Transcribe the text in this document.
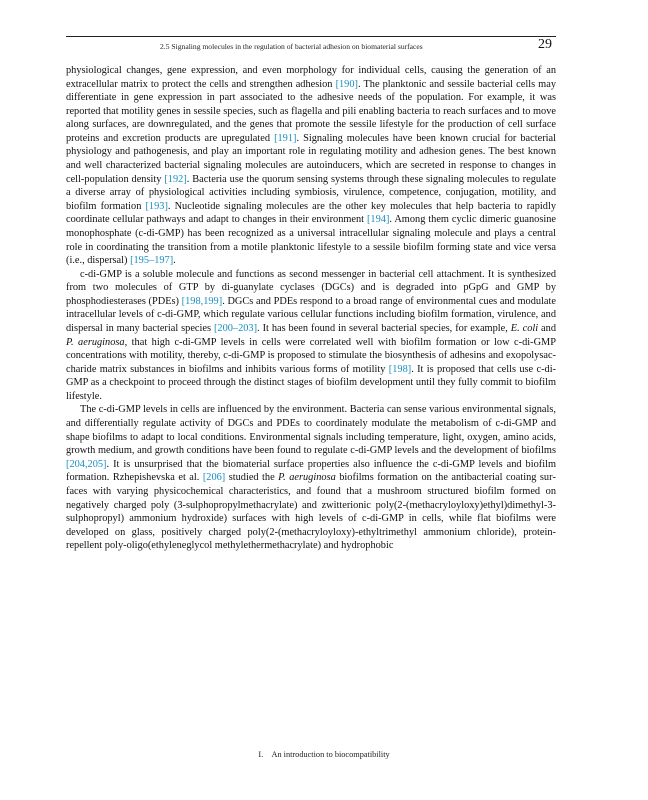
2.5 Signaling molecules in the regulation of bacterial adhesion on biomaterial surfaces	29

physiological changes, gene expression, and even morphology for individual cells, causing the generation of an extracellular matrix to protect the cells and strengthen adhesion [190]. The planktonic and sessile bacterial cells may differentiate in gene expression in part associated to the adhesive needs of the population. For example, it was reported that motility genes in sessile species, such as flagella and pili enabling bacteria to reach surfaces and to move along surfaces, are downregulated, and the genes that promote the sessile lifestyle for the production of cell surface proteins and excretion products are upregulated [191]. Signaling molecules have been known crucial for bacterial physiology and pathogenesis, and play an important role in regulating motility and adhesion genes. The best known and well characterized bacterial signaling molecules are autoinducers, which are secreted in response to changes in cell-population density [192]. Bacteria use the quorum sensing systems through these signaling molecules to regulate a diverse array of physiological activities including symbiosis, virulence, competence, conjugation, motility, and biofilm formation [193]. Nucleotide signaling molecules are the other key molecules that help bacteria to rapidly coordinate cellular pathways and adapt to changes in their environment [194]. Among them cyclic dimeric guanosine monophosphate (c-di-GMP) has been recognized as a universal intracellular signaling molecule and plays a central role in coordinating the transition from a motile planktonic lifestyle to a sessile biofilm forming state and vice versa (i.e., dispersal) [195–197].

c-di-GMP is a soluble molecule and functions as second messenger in bacterial cell attachment. It is synthesized from two molecules of GTP by di-guanylate cyclases (DGCs) and is degraded into pGpG and GMP by phosphodiesterases (PDEs) [198,199]. DGCs and PDEs respond to a broad range of environmental cues and modulate intracellular levels of c-di-GMP, which regulate various cellular functions including biofilm formation, virulence, and dispersal in many bacterial species [200–203]. It has been found in several bacterial species, for example, E. coli and P. aeruginosa, that high c-di-GMP levels in cells were correlated well with biofilm formation or low c-di-GMP concentrations with motility, thereby, c-di-GMP is proposed to stimulate the biosynthesis of adhesins and exopolysaccharide matrix substances in biofilms and inhibits various forms of motility [198]. It is proposed that cells use c-di-GMP as a checkpoint to proceed through the distinct stages of biofilm development until they fully commit to biofilm lifestyle.

The c-di-GMP levels in cells are influenced by the environment. Bacteria can sense various environmental signals, and differentially regulate activity of DGCs and PDEs to coordinately modulate the metabolism of c-di-GMP and shape biofilms to adapt to local conditions. Environmental signals including temperature, light, oxygen, amino acids, growth medium, and growth conditions have been found to regulate c-di-GMP levels and the development of biofilms [204,205]. It is unsurprised that the biomaterial surface properties also influence the c-di-GMP levels and biofilm formation. Rzhepishevska et al. [206] studied the P. aeruginosa biofilms formation on the antibacterial coating surfaces with varying physicochemical characteristics, and found that a mushroom structured biofilm formed on negatively charged poly (3-sulphopropylmethacrylate) and zwitterionic poly(2-(methacryloyloxy)ethyl)dimethyl-3-sulphopropyl) ammonium hydroxide) surfaces with high levels of c-di-GMP in cells, while flat biofilms were developed on glass, positively charged poly(2-(methacryloyloxy)-ethyltrimethyl ammonium chloride), protein-repellent poly-oligo(ethyleneglycol methylethermethacrylate) and hydrophobic

I. An introduction to biocompatibility
